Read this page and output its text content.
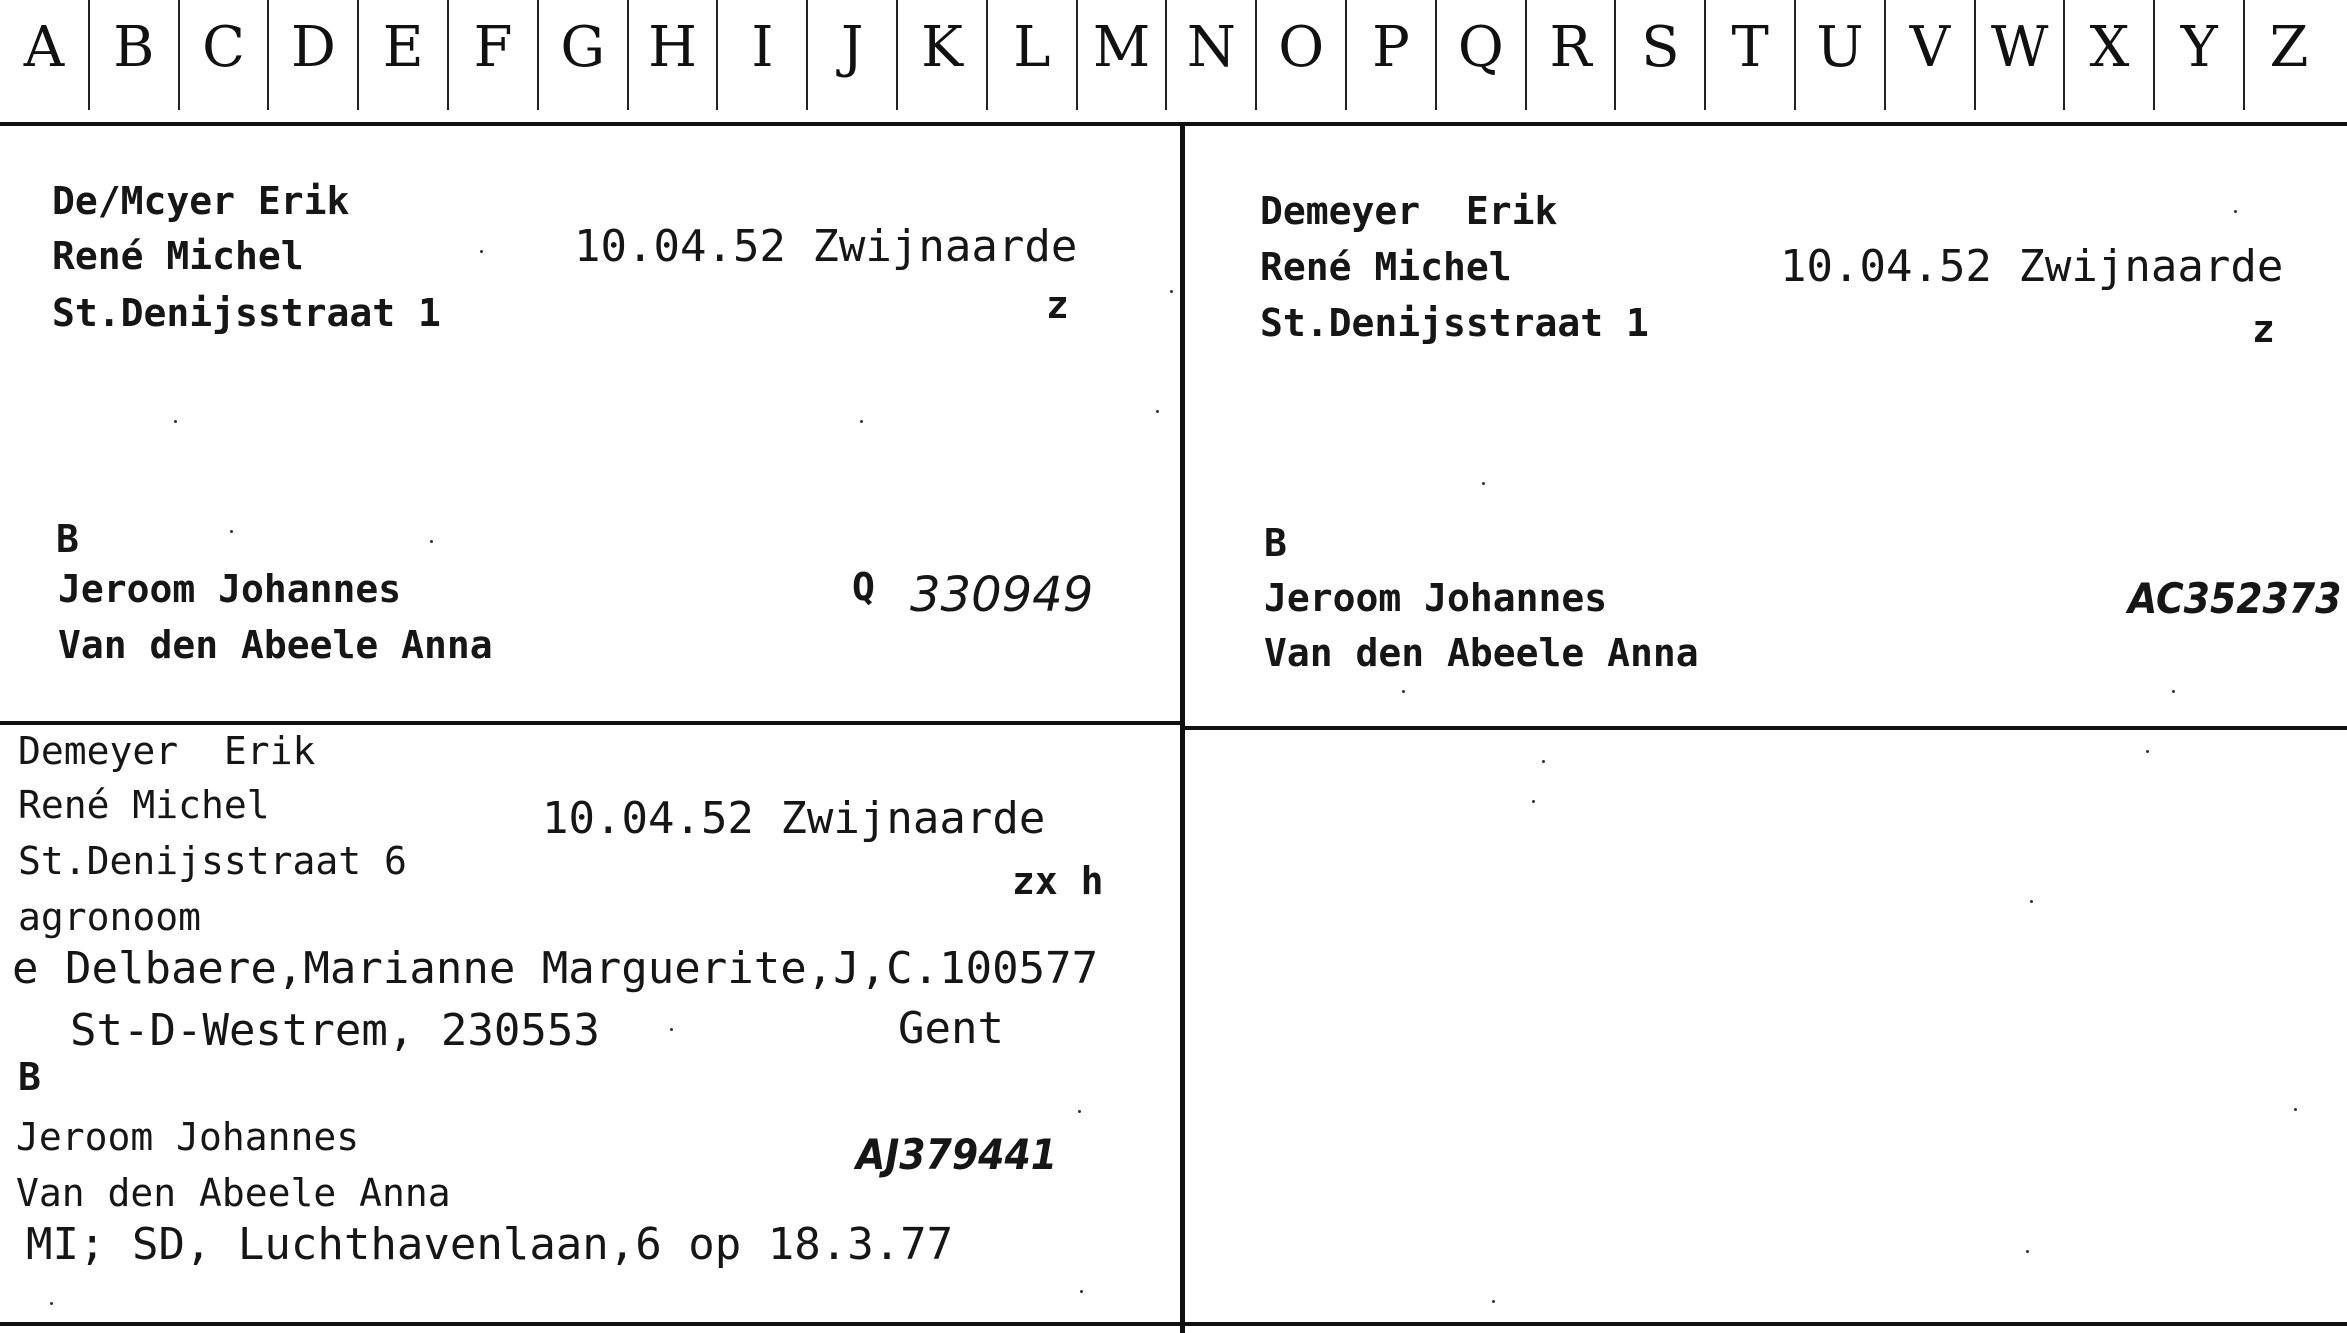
A B C D E F G H I	J	K L M N O P Q R S T U V W X Y Z
De/Mcyer Erik
René Michel	10.04.52 Zwijnaarde
St.Denijsstraat 1	z
B
Jeroom Johannes
Van den Abeele Anna
Q 330949
Demeyer  Erik
René Michel	10.04.52 Zwijnaarde
St.Denijsstraat 1	z
B
Jeroom Johannes
Van den Abeele Anna
AC352373
Demeyer  Erik
René Michel	10.04.52 Zwijnaarde
St.Denijsstraat 6	zx h
agronoom
e Delbaere,Marianne Marguerite,J,C.100577
St-D-Westrem, 230553	Gent
B
Jeroom Johannes
Van den Abeele Anna
AJ379441
MI; SD, Luchthavenlaan,6 op 18.3.77
